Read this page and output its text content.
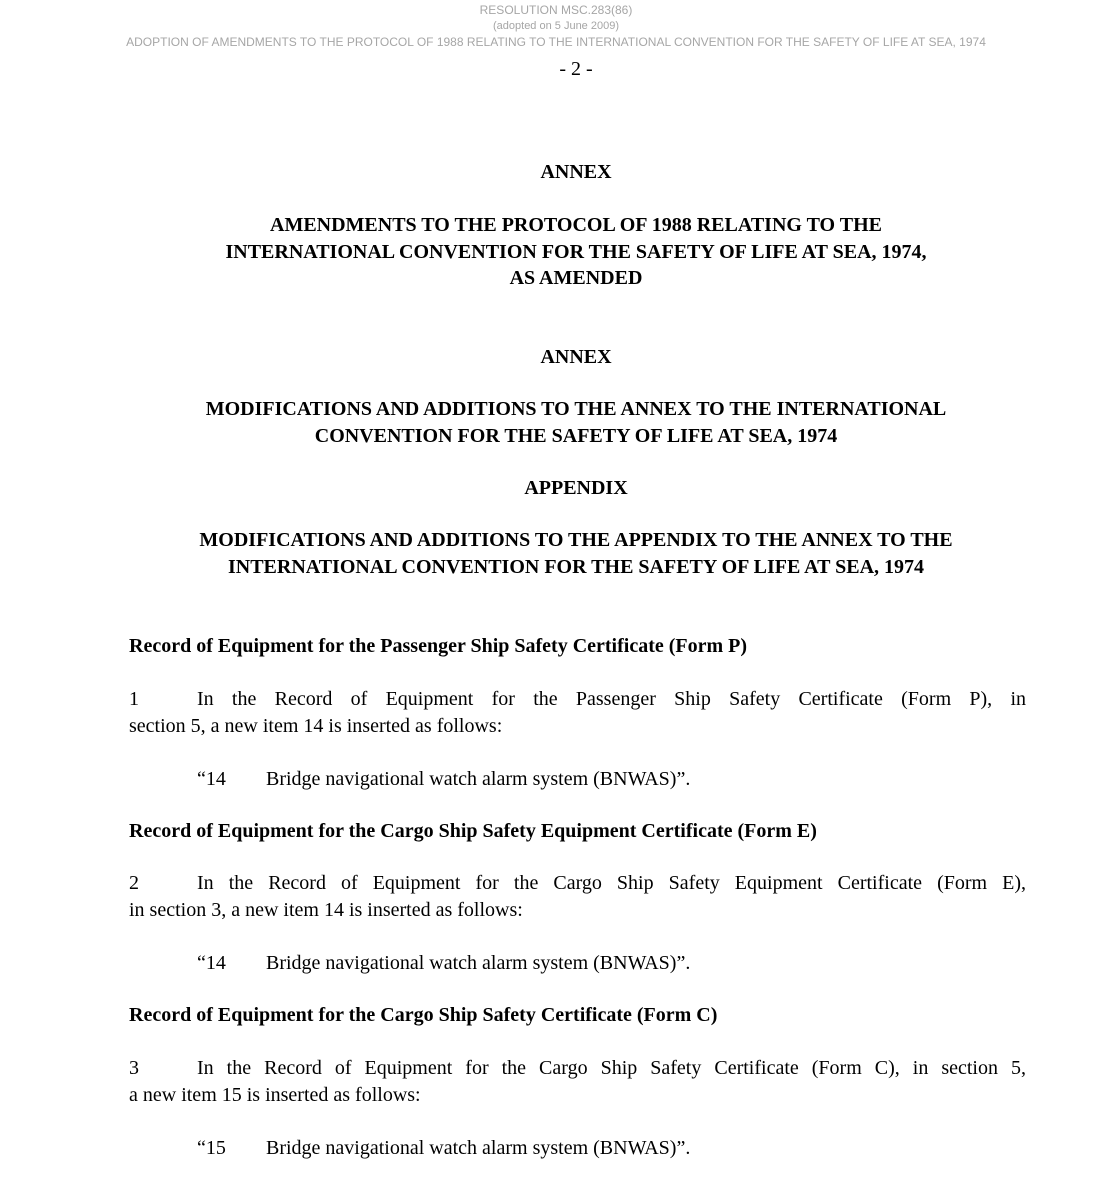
RESOLUTION MSC.283(86)
(adopted on 5 June 2009)
ADOPTION OF AMENDMENTS TO THE PROTOCOL OF 1988 RELATING TO THE INTERNATIONAL CONVENTION FOR THE SAFETY OF LIFE AT SEA, 1974
- 2 -
ANNEX
AMENDMENTS TO THE PROTOCOL OF 1988 RELATING TO THE
INTERNATIONAL CONVENTION FOR THE SAFETY OF LIFE AT SEA, 1974,
AS AMENDED
ANNEX
MODIFICATIONS AND ADDITIONS TO THE ANNEX TO THE INTERNATIONAL
CONVENTION FOR THE SAFETY OF LIFE AT SEA, 1974
APPENDIX
MODIFICATIONS AND ADDITIONS TO THE APPENDIX TO THE ANNEX TO THE
INTERNATIONAL CONVENTION FOR THE SAFETY OF LIFE AT SEA, 1974
Record of Equipment for the Passenger Ship Safety Certificate (Form P)
1	In the Record of Equipment for the Passenger Ship Safety Certificate (Form P), in
section 5, a new item 14 is inserted as follows:
“14 Bridge navigational watch alarm system (BNWAS)”.
Record of Equipment for the Cargo Ship Safety Equipment Certificate (Form E)
2	In the Record of Equipment for the Cargo Ship Safety Equipment Certificate (Form E),
in section 3, a new item 14 is inserted as follows:
“14 Bridge navigational watch alarm system (BNWAS)”.
Record of Equipment for the Cargo Ship Safety Certificate (Form C)
3	In the Record of Equipment for the Cargo Ship Safety Certificate (Form C), in section 5,
a new item 15 is inserted as follows:
“15 Bridge navigational watch alarm system (BNWAS)”.
